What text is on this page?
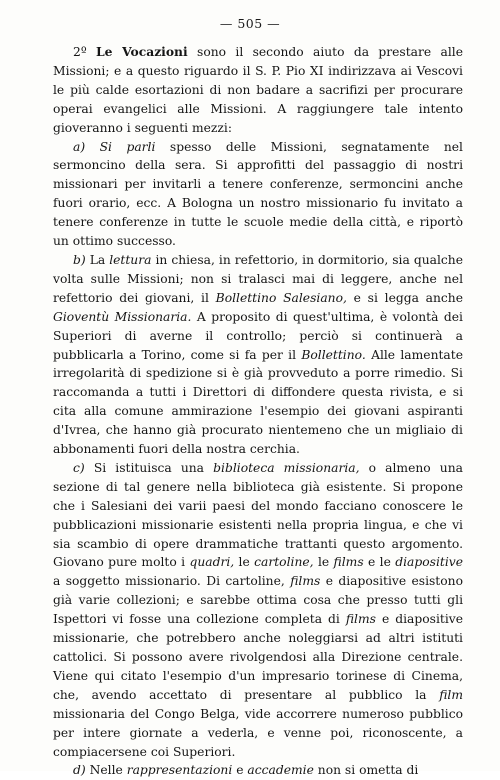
— 505 —

2º Le Vocazioni sono il secondo aiuto da prestare alle Missioni; e a questo riguardo il S. P. Pio XI indirizzava ai Vescovi le più calde esortazioni di non badare a sacrifizi per procurare operai evangelici alle Missioni. A raggiungere tale intento gioveranno i seguenti mezzi:

a) Si parli spesso delle Missioni, segnatamente nel sermoncino della sera. Si approfitti del passaggio di nostri missionari per invitarli a tenere conferenze, sermoncini anche fuori orario, ecc. A Bologna un nostro missionario fu invitato a tenere conferenze in tutte le scuole medie della città, e riportò un ottimo successo.

b) La lettura in chiesa, in refettorio, in dormitorio, sia qualche volta sulle Missioni; non si tralasci mai di leggere, anche nel refettorio dei giovani, il Bollettino Salesiano, e si legga anche Gioventù Missionaria. A proposito di quest'ultima, è volontà dei Superiori di averne il controllo; perciò si continuerà a pubblicarla a Torino, come si fa per il Bollettino. Alle lamentate irregolarità di spedizione si è già provveduto a porre rimedio. Si raccomanda a tutti i Direttori di diffondere questa rivista, e si cita alla comune ammirazione l'esempio dei giovani aspiranti d'Ivrea, che hanno già procurato nientemeno che un migliaio di abbonamenti fuori della nostra cerchia.

c) Si istituisca una biblioteca missionaria, o almeno una sezione di tal genere nella biblioteca già esistente. Si propone che i Salesiani dei varii paesi del mondo facciano conoscere le pubblicazioni missionarie esistenti nella propria lingua, e che vi sia scambio di opere drammatiche trattanti questo argomento. Giovano pure molto i quadri, le cartoline, le films e le diapositive a soggetto missionario. Di cartoline, films e diapositive esistono già varie collezioni; e sarebbe ottima cosa che presso tutti gli Ispettori vi fosse una collezione completa di films e diapositive missionarie, che potrebbero anche noleggiarsi ad altri istituti cattolici. Si possono avere rivolgendosi alla Direzione centrale. Viene qui citato l'esempio d'un impresario torinese di Cinema, che, avendo accettato di presentare al pubblico la film missionaria del Congo Belga, vide accorrere numeroso pubblico per intere giornate a vederla, e venne poi, riconoscente, a compiacersene coi Superiori.

d) Nelle rappresentazioni e accademie non si ometta di
